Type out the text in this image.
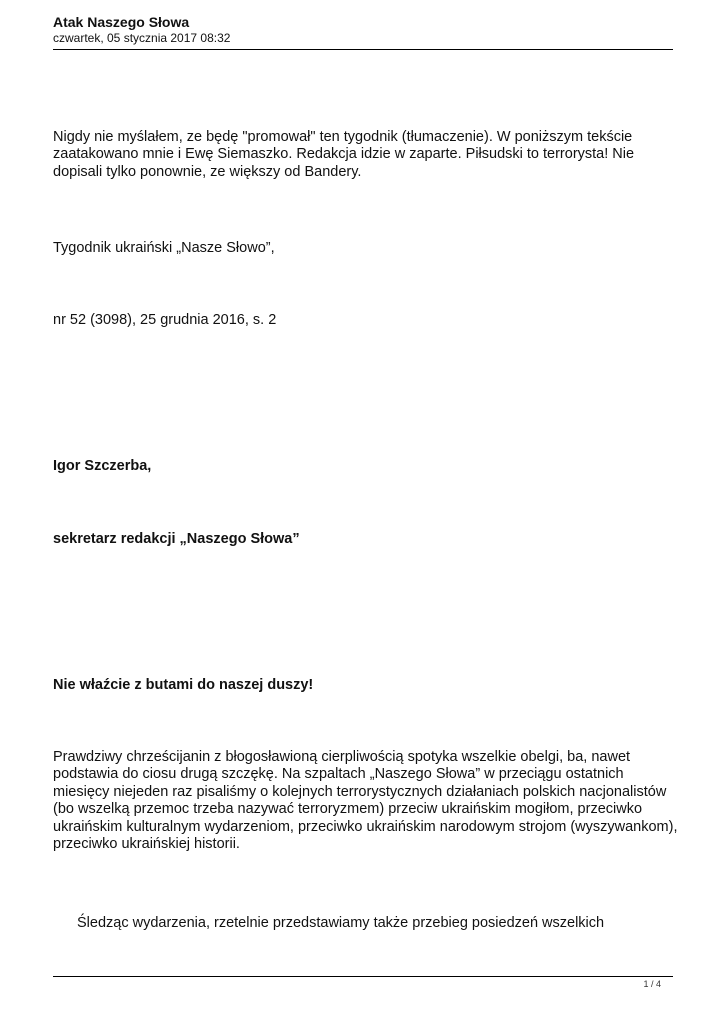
Atak Naszego Słowa
czwartek, 05 stycznia 2017 08:32

Nigdy nie myślałem, ze będę "promował" ten tygodnik (tłumaczenie). W poniższym tekście zaatakowano mnie i Ewę Siemaszko. Redakcja idzie w zaparte. Piłsudski to terrorysta! Nie dopisali tylko ponownie, ze większy od Bandery.

Tygodnik ukraiński „Nasze Słowo”,

nr 52 (3098), 25 grudnia 2016, s. 2

Igor Szczerba,

sekretarz redakcji „Naszego Słowa”

Nie właźcie z butami do naszej duszy!

Prawdziwy chrześcijanin z błogosławioną cierpliwością spotyka wszelkie obelgi, ba, nawet podstawia do ciosu drugą szczękę. Na szpaltach „Naszego Słowa” w przeciągu ostatnich miesięcy niejeden raz pisaliśmy o kolejnych terrorystycznych działaniach polskich nacjonalistów (bo wszelką przemoc trzeba nazywać terroryzmem) przeciw ukraińskim mogiłom, przeciwko ukraińskim kulturalnym wydarzeniom, przeciwko ukraińskim narodowym strojom (wyszywankom), przeciwko ukraińskiej historii.

Śledząc wydarzenia, rzetelnie przedstawiamy także przebieg posiedzeń wszelkich

1 / 4
